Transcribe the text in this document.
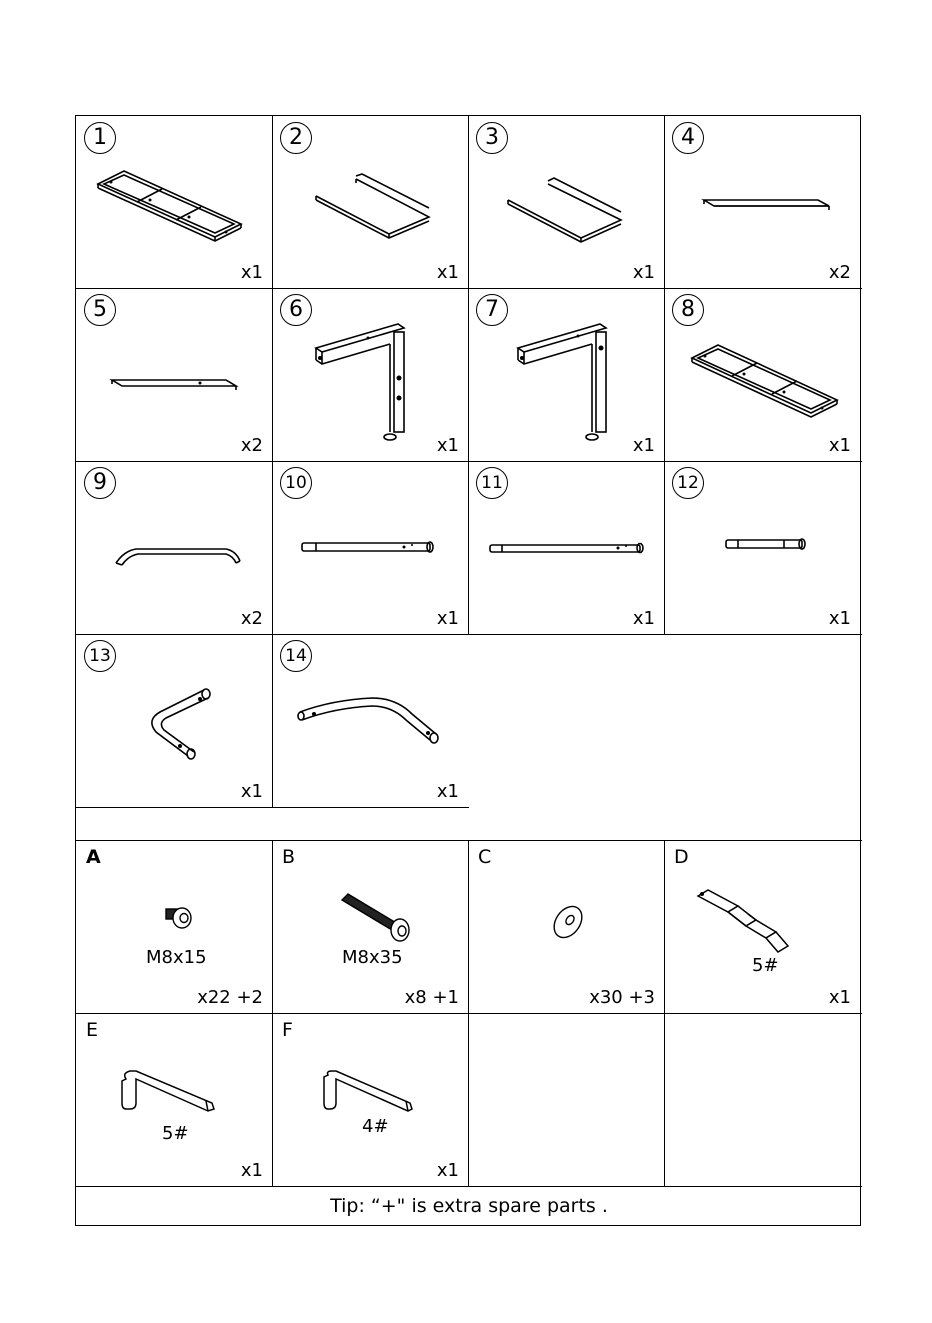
1
x1
2
x1
3
x1
4
x2
5
x2
6
x1
7
x1
8
x1
9
x2
10
x1
11
x1
12
x1
13
x1
14
x1
A
M8x15
x22 +2
B
M8x35
x8 +1
C
x30 +3
D
5#
x1
E
5#
x1
F
4#
x1
Tip: “+" is extra spare parts .
